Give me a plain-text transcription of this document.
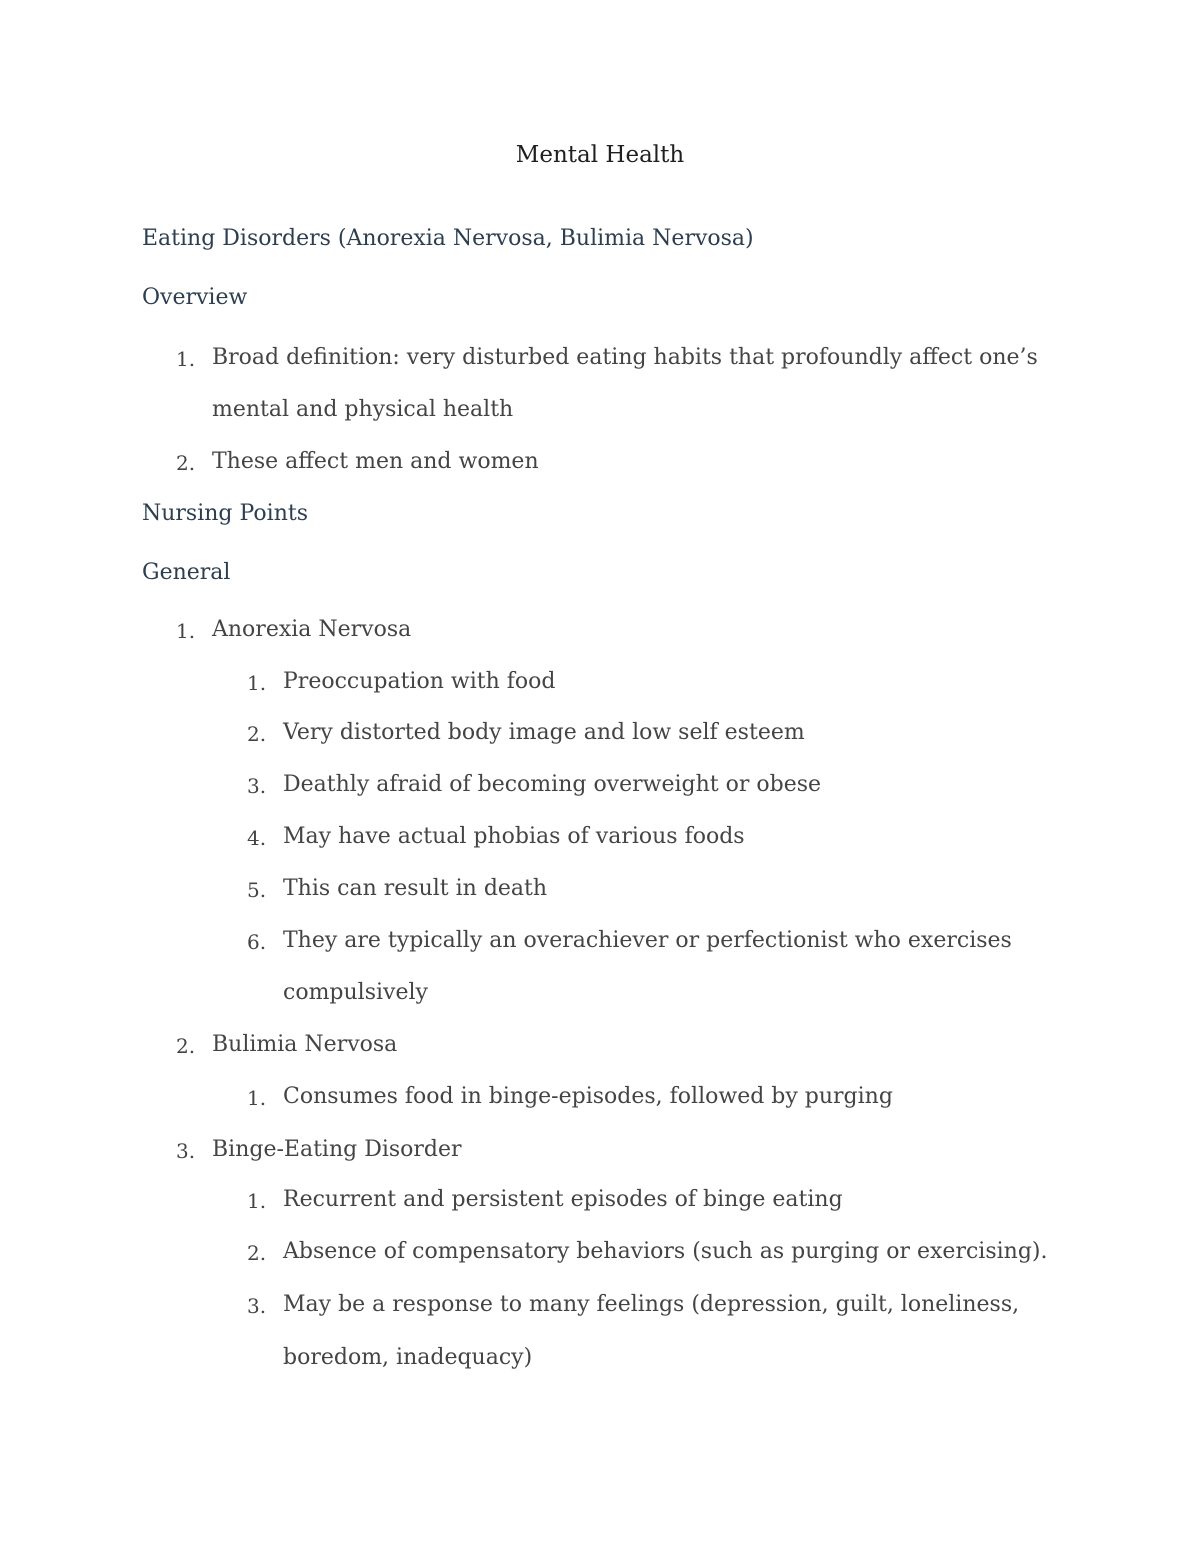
Mental Health
Eating Disorders (Anorexia Nervosa, Bulimia Nervosa)
Overview
1. Broad definition: very disturbed eating habits that profoundly affect one’s
mental and physical health
2. These affect men and women
Nursing Points
General
1. Anorexia Nervosa
1. Preoccupation with food
2. Very distorted body image and low self esteem
3. Deathly afraid of becoming overweight or obese
4. May have actual phobias of various foods
5. This can result in death
6. They are typically an overachiever or perfectionist who exercises
compulsively
2. Bulimia Nervosa
1. Consumes food in binge-episodes, followed by purging
3. Binge-Eating Disorder
1. Recurrent and persistent episodes of binge eating
2. Absence of compensatory behaviors (such as purging or exercising).
3. May be a response to many feelings (depression, guilt, loneliness,
boredom, inadequacy)
